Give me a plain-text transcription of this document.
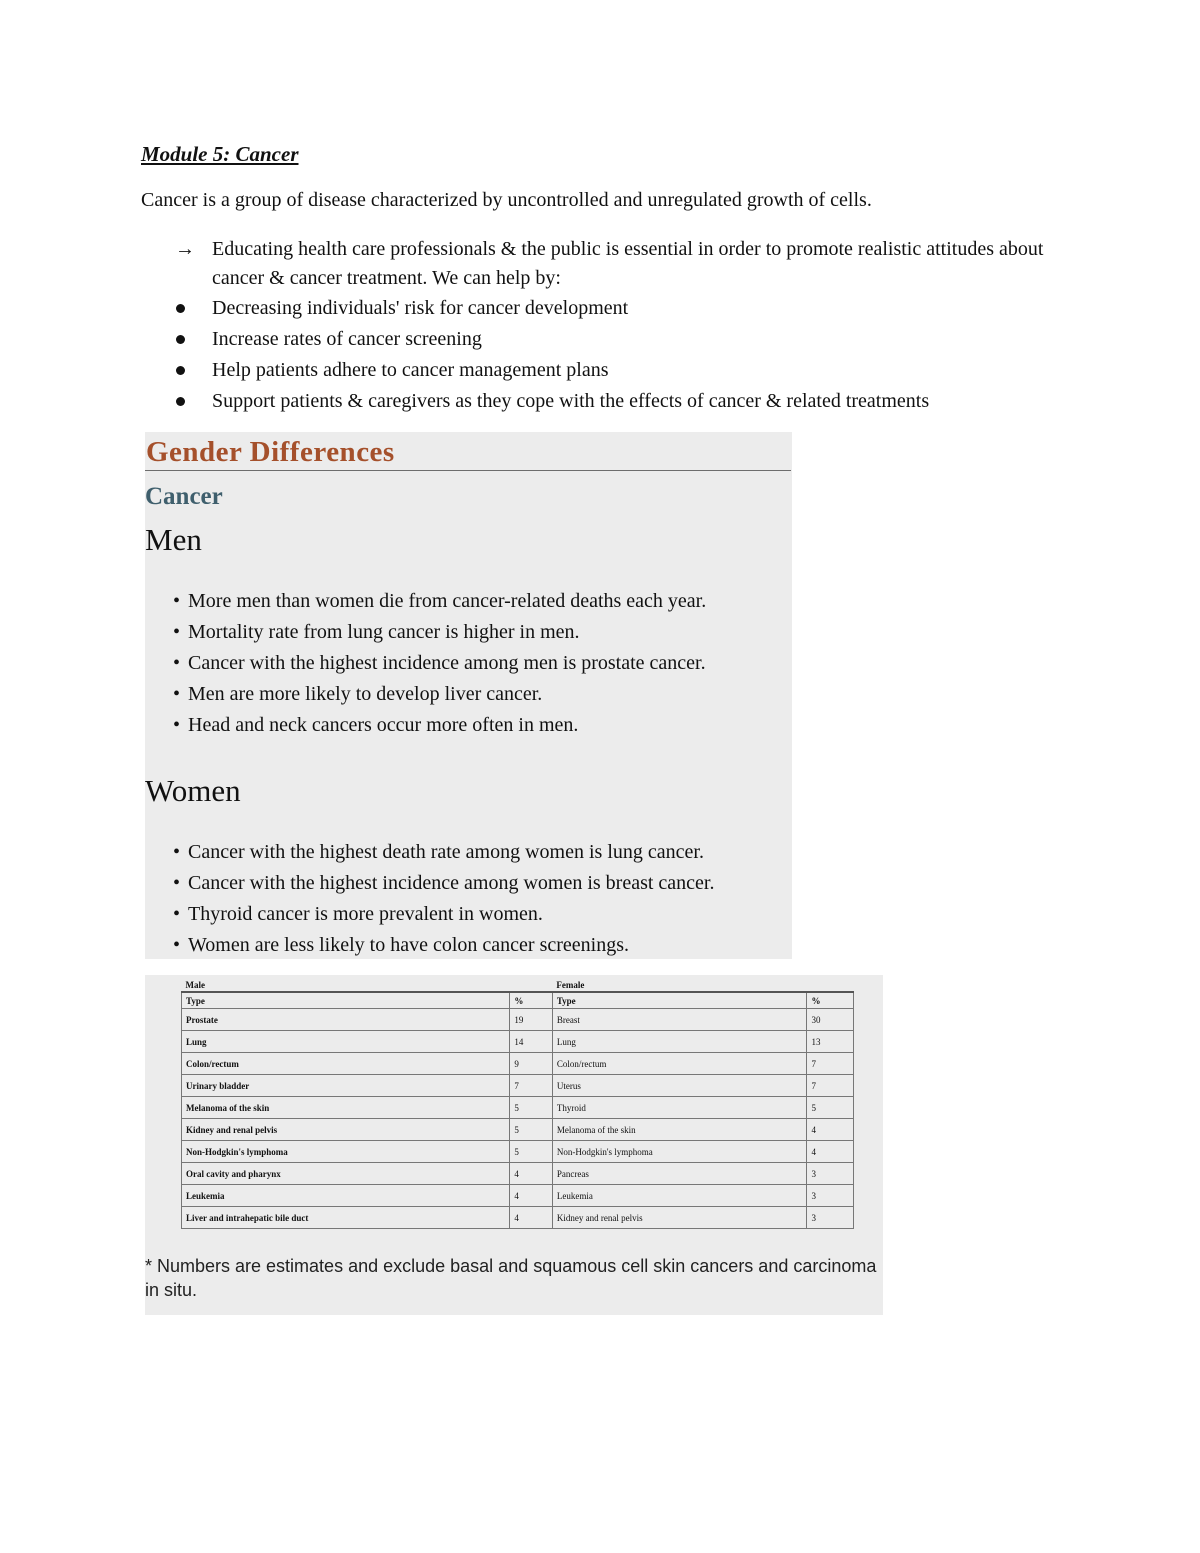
Module 5: Cancer
Cancer is a group of disease characterized by uncontrolled and unregulated growth of cells.
→ Educating health care professionals & the public is essential in order to promote realistic attitudes about cancer & cancer treatment. We can help by:
Decreasing individuals' risk for cancer development
Increase rates of cancer screening
Help patients adhere to cancer management plans
Support patients & caregivers as they cope with the effects of cancer & related treatments
Gender Differences
Cancer
Men
• More men than women die from cancer-related deaths each year.
• Mortality rate from lung cancer is higher in men.
• Cancer with the highest incidence among men is prostate cancer.
• Men are more likely to develop liver cancer.
• Head and neck cancers occur more often in men.
Women
• Cancer with the highest death rate among women is lung cancer.
• Cancer with the highest incidence among women is breast cancer.
• Thyroid cancer is more prevalent in women.
• Women are less likely to have colon cancer screenings.
Male		Female	
Type	%	Type	%
Prostate	19	Breast	30
Lung	14	Lung	13
Colon/rectum	9	Colon/rectum	7
Urinary bladder	7	Uterus	7
Melanoma of the skin	5	Thyroid	5
Kidney and renal pelvis	5	Melanoma of the skin	4
Non-Hodgkin's lymphoma	5	Non-Hodgkin's lymphoma	4
Oral cavity and pharynx	4	Pancreas	3
Leukemia	4	Leukemia	3
Liver and intrahepatic bile duct	4	Kidney and renal pelvis	3
* Numbers are estimates and exclude basal and squamous cell skin cancers and carcinoma in situ.
